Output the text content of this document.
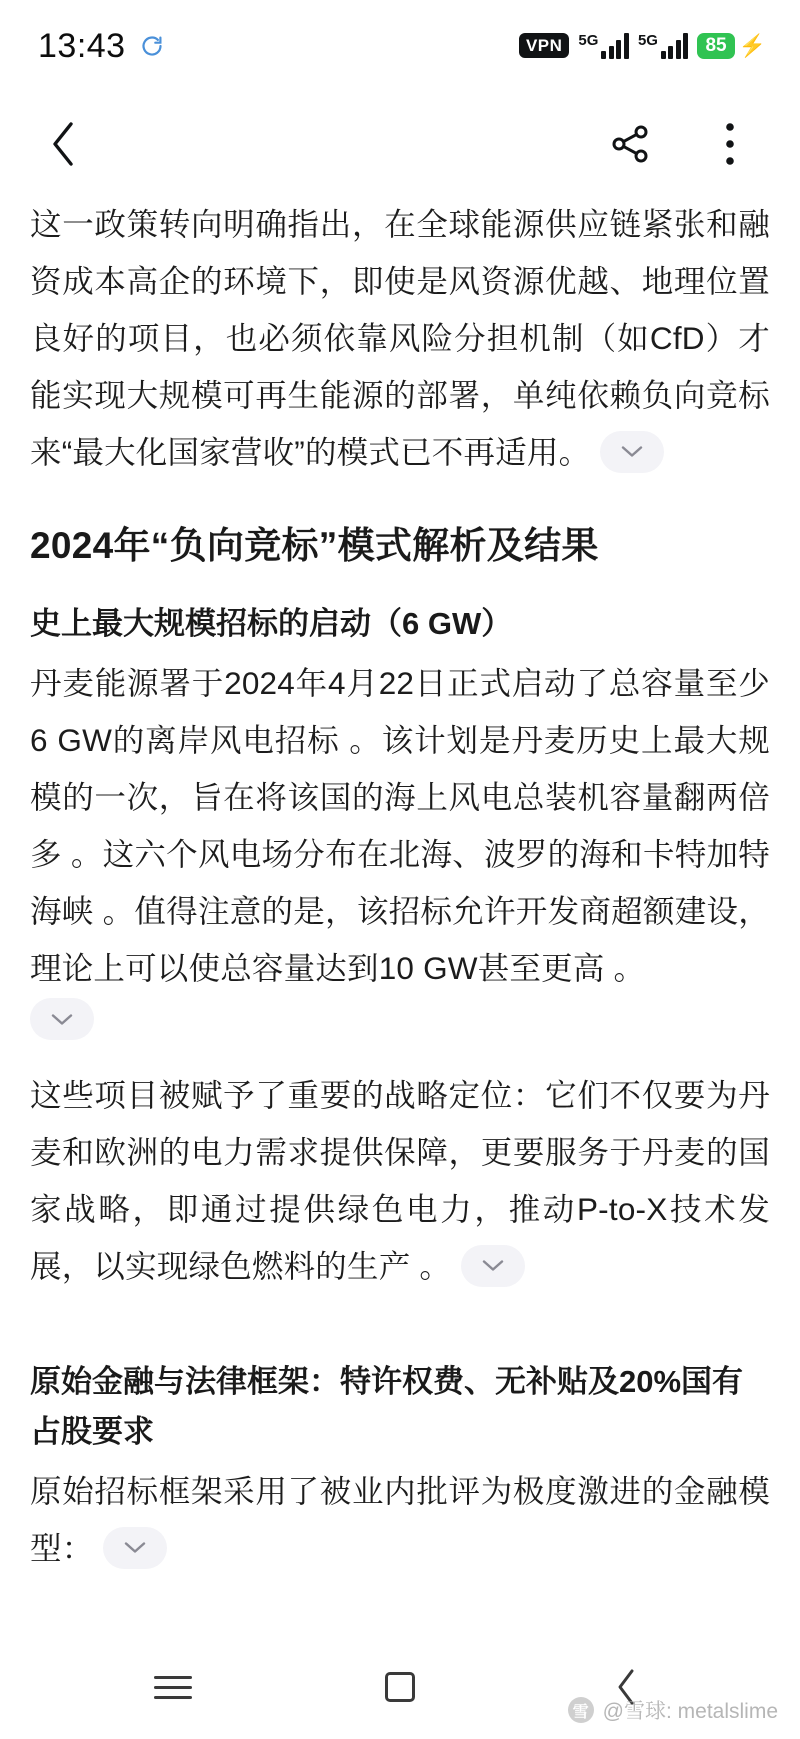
13:43	VPN	5G	5G	85 ⚡

这一政策转向明确指出，在全球能源供应链紧张和融资成本高企的环境下，即使是风资源优越、地理位置良好的项目，也必须依靠风险分担机制（如CfD）才能实现大规模可再生能源的部署，单纯依赖负向竞标来“最大化国家营收”的模式已不再适用。

2024年“负向竞标”模式解析及结果
史上最大规模招标的启动（6 GW）

丹麦能源署于2024年4月22日正式启动了总容量至少6 GW的离岸风电招标 。该计划是丹麦历史上最大规模的一次，旨在将该国的海上风电总装机容量翻两倍多 。这六个风电场分布在北海、波罗的海和卡特加特海峡 。值得注意的是，该招标允许开发商超额建设，理论上可以使总容量达到10 GW甚至更高 。

这些项目被赋予了重要的战略定位：它们不仅要为丹麦和欧洲的电力需求提供保障，更要服务于丹麦的国家战略，即通过提供绿色电力，推动P-to-X技术发展，以实现绿色燃料的生产 。

原始金融与法律框架：特许权费、无补贴及20%国有占股要求

原始招标框架采用了被业内批评为极度激进的金融模型：

雪 @雪球: metalslime
